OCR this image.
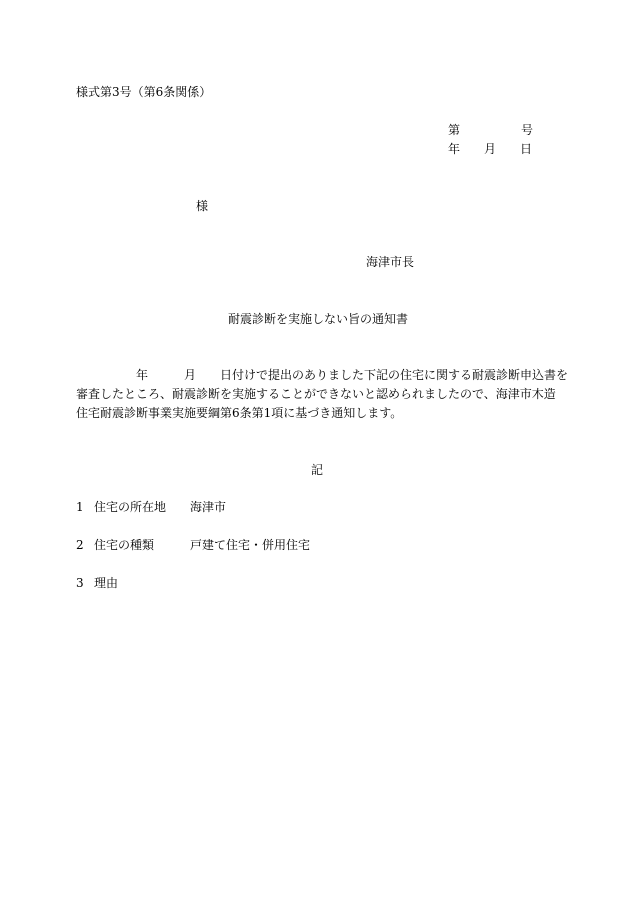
様式第3号（第6条関係）
第	号
年 月 日
様
海津市長
耐震診断を実施しない旨の通知書
年	月 日付けで提出のありました下記の住宅に関する耐震診断申込書を
審査したところ、耐震診断を実施することができないと認められましたので、海津市木造
住宅耐震診断事業実施要綱第6条第1項に基づき通知します。
記
1 住宅の所在地 海津市
2 住宅の種類	戸建て住宅・併用住宅
3 理由
